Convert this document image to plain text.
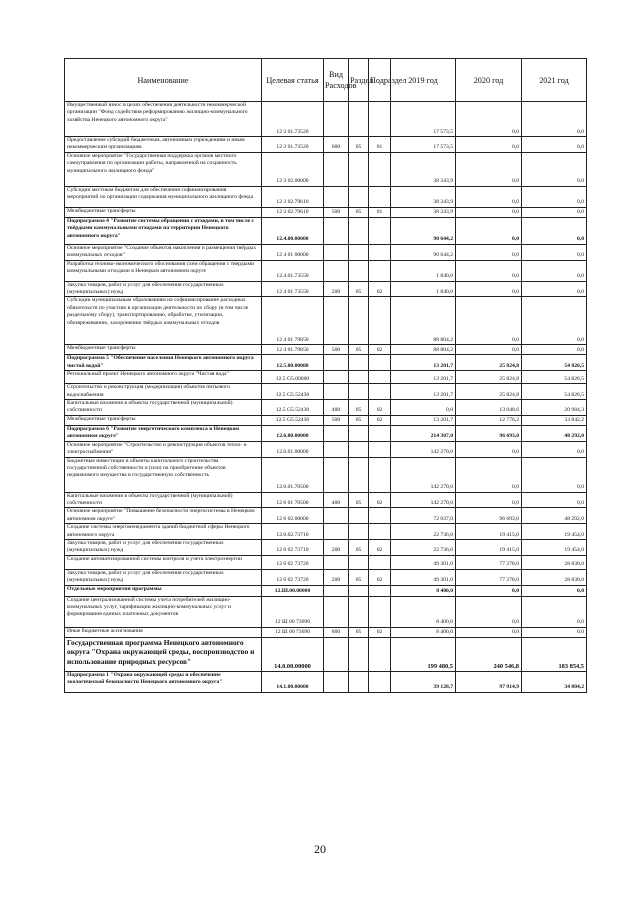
Наименование	Целевая статья	Вид Расходов	Раздел	Подраздел	2019 год	2020 год	2021 год
Имущественный взнос в целях обеспечения деятельности некоммерческой организации "Фонд содействия реформированию жилищно-коммунального хозяйства Ненецкого автономного округа"	12 3 01.73520				17 573,5	0,0	0,0
Предоставление субсидий бюджетным, автономным учреждениям и иным некоммерческим организациям	12 3 01.73520	600	05	01	17 573,5	0,0	0,0
Основное мероприятие "Государственная поддержка органов местного самоуправления по организации работы, направленной на сохранность муниципального жилищного фонда"	12 3 02.00000				38 343,9	0,0	0,0
Субсидии местным бюджетам для обеспечения софинансирования мероприятий по организации содержания муниципального жилищного фонда	12 3 02.79610				38 343,9	0,0	0,0
Межбюджетные трансферты	12 3 02.79610	500	05	01	38 343,9	0,0	0,0
Подпрограмма 4 "Развитие системы обращения с отходами, в том числе с твёрдыми коммунальными отходами на территории Ненецкого автономного округа"	12.4.00.00000				90 644,2	0,0	0,0
Основное мероприятие "Создание объектов накопления и размещения твёрдых коммунальных отходов"	12 4 01 00000				90 644,2	0,0	0,0
Разработка технико-экономического обоснования схем обращения с твердыми коммунальными отходами в Ненецком автономном округе	12.4.01.73550				1 840,0	0,0	0,0
Закупка товаров, работ и услуг для обеспечения государственных (муниципальных) нужд	12 4 01 73550	200	05	02	1 840,0	0,0	0,0
Субсидии муниципальным образованиям на софинансирование расходных обязательств по участию в организации деятельности по сбору (в том числе раздельному сбору), транспортированию, обработке, утилизации, обезвреживанию, захоронению твёрдых коммунальных отходов	12 4 01 79850				88 804,2	0,0	0,0
Межбюджетные трансферты	12 4 01.79850	500	05	02	88 804,2	0,0	0,0
Подпрограмма 5 "Обеспечение населения Ненецкого автономного округа чистой водой"	12.5.00.00000				13 201,7	25 824,8	54 826,5
Региональный проект Ненецкого автономного округа "Чистая вода"	12.5 G5.00000				13 201,7	25 824,8	54 826,5
Строительство и реконструкция (модернизация) объектов питьевого водоснабжения	12.5 G5.52430				13 201,7	25 824,8	54 826,5
Капитальные вложения в объекты государственной (муниципальной) собственности	12.5 G5.52430	400	05	02	0,0	13 048,6	20 984,3
Межбюджетные трансферты	12.5 G5.52430	500	05	02	13 201,7	12 776,2	33 842,2
Подпрограмма 6 "Развитие энергетического комплекса в Ненецком автономном округе"	12.6.00.00000				214 307,0	96 693,0	48 292,0
Основное мероприятие "Строительство и реконструкция объектов тепло- и электроснабжения"	12.6.01.00000				142 270,0	0,0	0,0
Бюджетные инвестиции в объекты капитального строительства государственной собственности и (или) на приобретение объектов недвижимого имущества в государственную собственность	12.6.01.70500				142 270,0	0,0	0,0
Капитальные вложения в объекты государственной (муниципальной) собственности	12 6 01 70500	400	05	02	142 270,0	0,0	0,0
Основное мероприятие "Повышение безопасности энергосистемы в Ненецком автономном округе"	12 6 02.00000				72 037,0	96 693,0	48 292,0
Создание системы энергоменеджмента зданий бюджетной сферы Ненецкого автономного округа	12.6.02.73710				22 736,0	19 415,0	19 454,0
Закупка товаров, работ и услуг для обеспечения государственных (муниципальных) нужд	12 6 02 73710	200	05	02	22 736,0	19 415,0	19 454,0
Создание автоматизированной системы контроля и учета электроэнергии	12 6 02 73720				49 301,0	77 278,0	28 838,0
Закупка товаров, работ и услуг для обеспечения государственных (муниципальных) нужд	12 6 02 73720	200	05	02	49 301,0	77 278,0	28 838,0
Отдельные мероприятия программы	12.Ш.00.00000				8 400,0	0,0	0,0
Создание централизованной системы учета потребителей жилищно-коммунальных услуг, тарификации жилищно-коммунальных услуг и формирования единых платежных документов	12 Ш 00 73690				8 400,0	0,0	0,0
Иные бюджетные ассигнования	12 Ш 00 73690	800	05	02	8 400,0	0,0	0,0
Государственная программа Ненецкого автономного округа "Охрана окружающей среды, воспроизводство и использование природных ресурсов"	14.0.00.00000				199 480,5	240 546,8	183 854,5
Подпрограмма 1 "Охрана окружающей среды и обеспечение экологической безопасности Ненецкого автономного округа"	14.1.00.00000				39 128,7	97 914,9	34 804,2
20
